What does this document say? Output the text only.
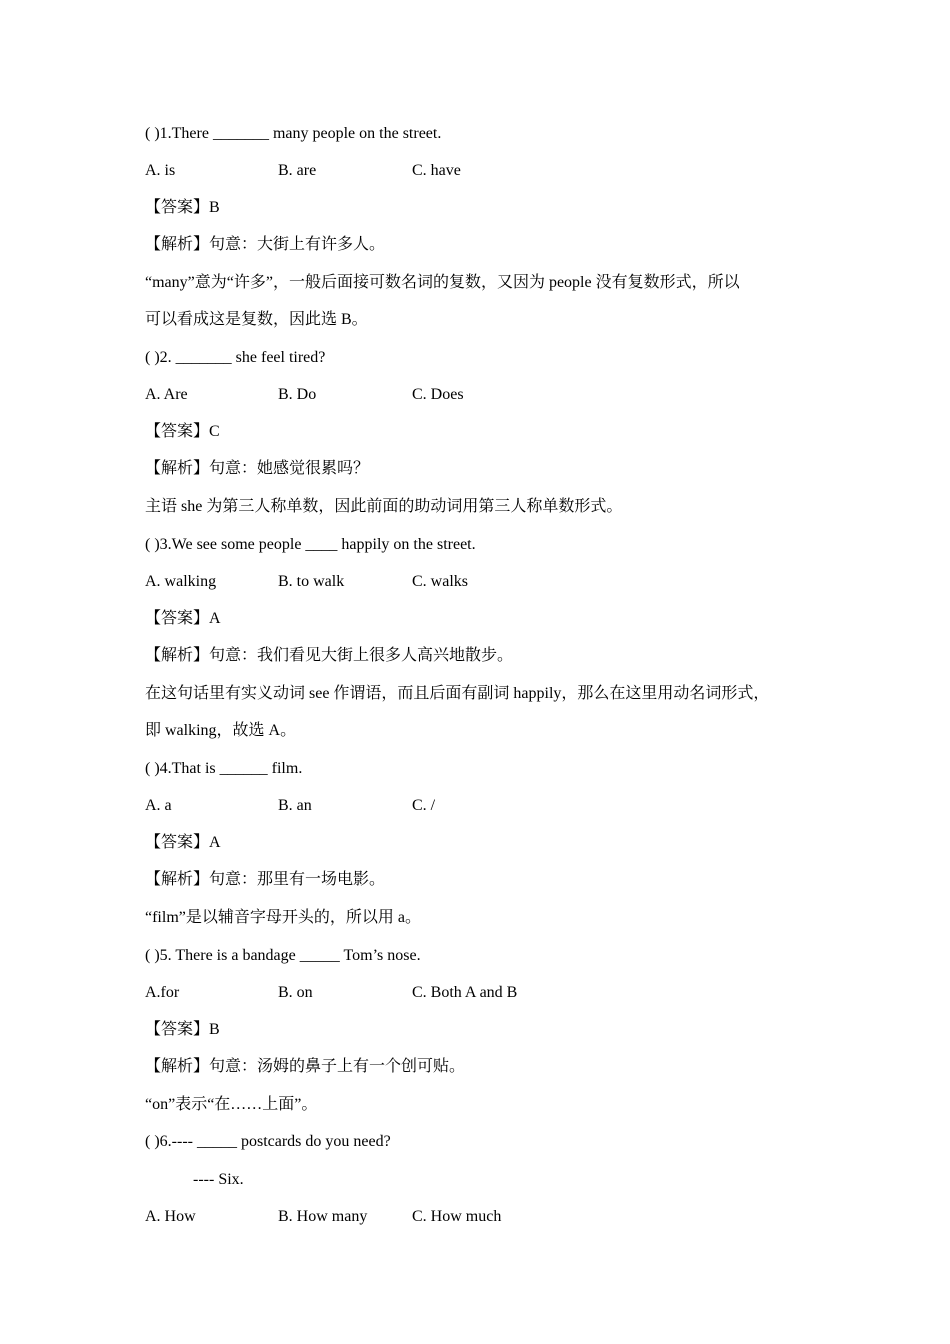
( )1.There _______ many people on the street.
A. is	B. are	C. have
【答案】B
【解析】句意：大街上有许多人。
“many”意为“许多”，一般后面接可数名词的复数，又因为 people 没有复数形式，所以
可以看成这是复数，因此选 B。
( )2. _______ she feel tired?
A. Are	B. Do	C. Does
【答案】C
【解析】句意：她感觉很累吗？
主语 she 为第三人称单数，因此前面的助动词用第三人称单数形式。
( )3.We see some people ____ happily on the street.
A. walking	B. to walk	C. walks
【答案】A
【解析】句意：我们看见大街上很多人高兴地散步。
在这句话里有实义动词 see 作谓语，而且后面有副词 happily，那么在这里用动名词形式，
即 walking，故选 A。
( )4.That is ______ film.
A. a	B. an	C. /
【答案】A
【解析】句意：那里有一场电影。
“film”是以辅音字母开头的，所以用 a。
( )5. There is a bandage _____ Tom’s nose.
A.for	B. on	C. Both A and B
【答案】B
【解析】句意：汤姆的鼻子上有一个创可贴。
“on”表示“在……上面”。
( )6.---- _____ postcards do you need?
---- Six.
A. How	B. How many	C. How much
